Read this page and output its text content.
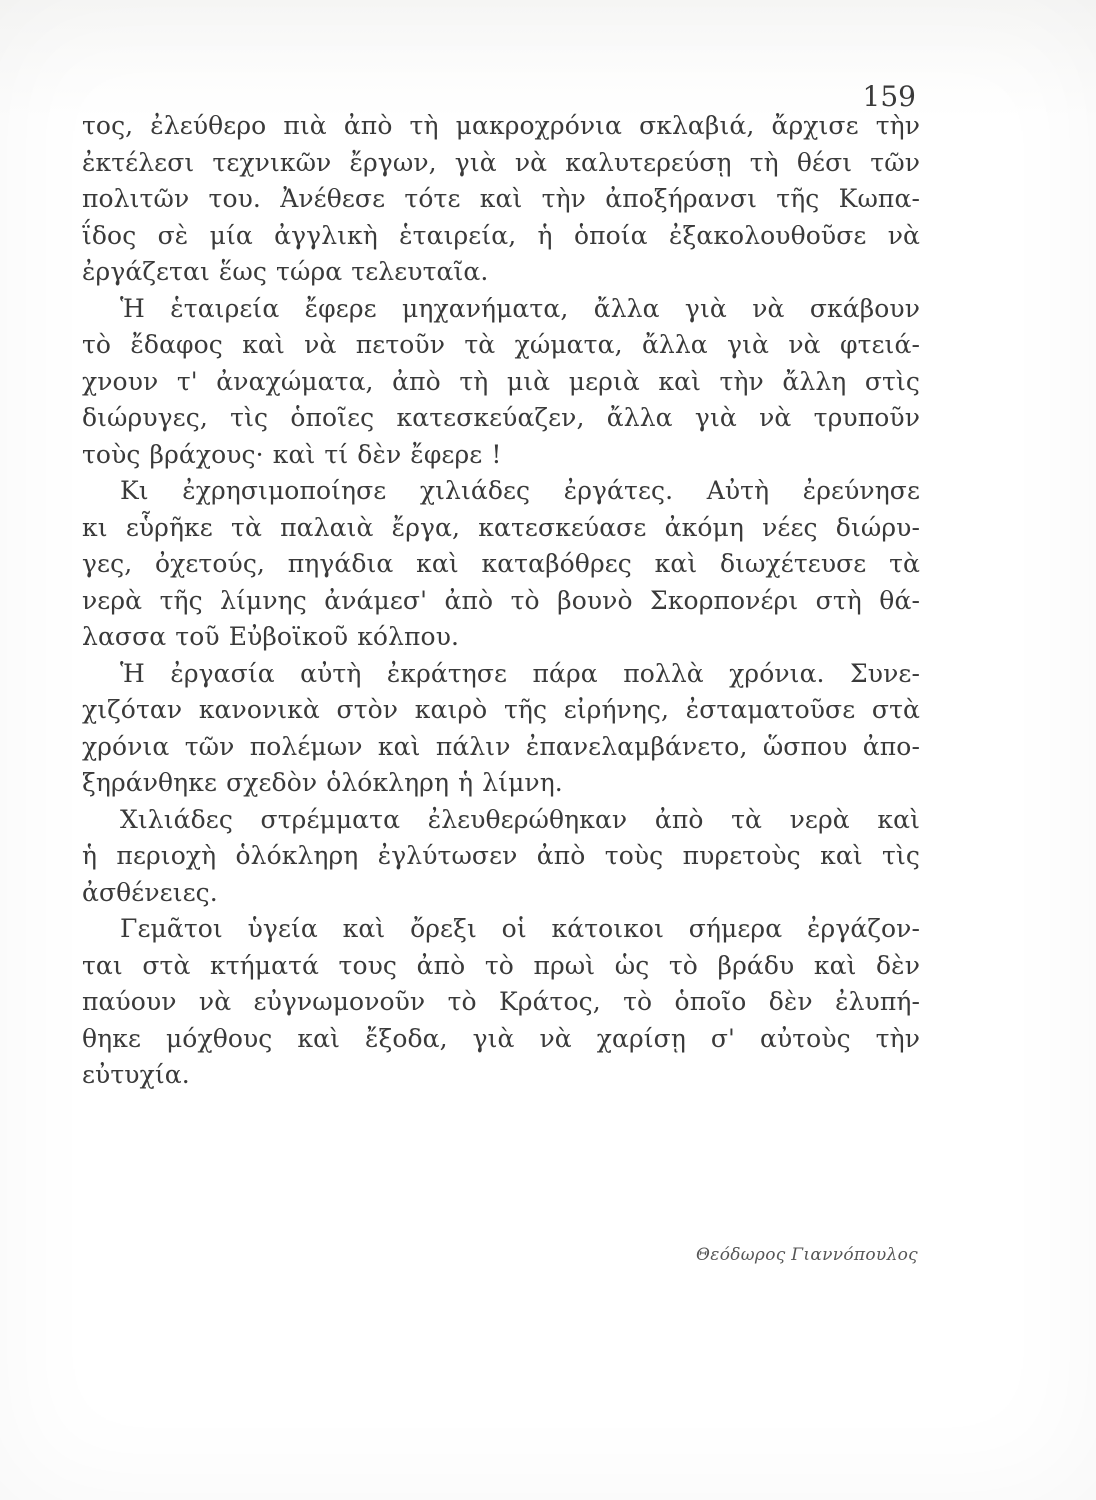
159
τος, ἐλεύθερο πιὰ ἀπὸ τὴ μακροχρόνια σκλαβιά, ἄρχισε τὴν
ἐκτέλεσι τεχνικῶν ἔργων, γιὰ νὰ καλυτερεύσῃ τὴ θέσι τῶν
πολιτῶν του. Ἀνέθεσε τότε καὶ τὴν ἀποξήρανσι τῆς Κωπα-
ΐδος σὲ μία ἀγγλικὴ ἑταιρεία, ἡ ὁποία ἐξακολουθοῦσε νὰ
ἐργάζεται ἕως τώρα τελευταῖα.
Ἡ ἑταιρεία ἔφερε μηχανήματα, ἄλλα γιὰ νὰ σκάβουν
τὸ ἔδαφος καὶ νὰ πετοῦν τὰ χώματα, ἄλλα γιὰ νὰ φτειά-
χνουν τ' ἀναχώματα, ἀπὸ τὴ μιὰ μεριὰ καὶ τὴν ἄλλη στὶς
διώρυγες, τὶς ὁποῖες κατεσκεύαζεν, ἄλλα γιὰ νὰ τρυποῦν
τοὺς βράχους· καὶ τί δὲν ἔφερε !
Κι ἐχρησιμοποίησε χιλιάδες ἐργάτες. Αὐτὴ ἐρεύνησε
κι εὗρῆκε τὰ παλαιὰ ἔργα, κατεσκεύασε ἀκόμη νέες διώρυ-
γες, ὀχετούς, πηγάδια καὶ καταβόθρες καὶ διωχέτευσε τὰ
νερὰ τῆς λίμνης ἀνάμεσ' ἀπὸ τὸ βουνὸ Σκορπονέρι στὴ θά-
λασσα τοῦ Εὐβοϊκοῦ κόλπου.
Ἡ ἐργασία αὐτὴ ἐκράτησε πάρα πολλὰ χρόνια. Συνε-
χιζόταν κανονικὰ στὸν καιρὸ τῆς εἰρήνης, ἐσταματοῦσε στὰ
χρόνια τῶν πολέμων καὶ πάλιν ἐπανελαμβάνετο, ὥσπου ἀπο-
ξηράνθηκε σχεδὸν ὁλόκληρη ἡ λίμνη.
Χιλιάδες στρέμματα ἐλευθερώθηκαν ἀπὸ τὰ νερὰ καὶ
ἡ περιοχὴ ὁλόκληρη ἐγλύτωσεν ἀπὸ τοὺς πυρετοὺς καὶ τὶς
ἀσθένειες.
Γεμᾶτοι ὑγεία καὶ ὄρεξι οἱ κάτοικοι σήμερα ἐργάζον-
ται στὰ κτήματά τους ἀπὸ τὸ πρωὶ ὡς τὸ βράδυ καὶ δὲν
παύουν νὰ εὐγνωμονοῦν τὸ Κράτος, τὸ ὁποῖο δὲν ἐλυπή-
θηκε μόχθους καὶ ἔξοδα, γιὰ νὰ χαρίσῃ σ' αὐτοὺς τὴν
εὐτυχία.
Θεόδωρος Γιαννόπουλος
